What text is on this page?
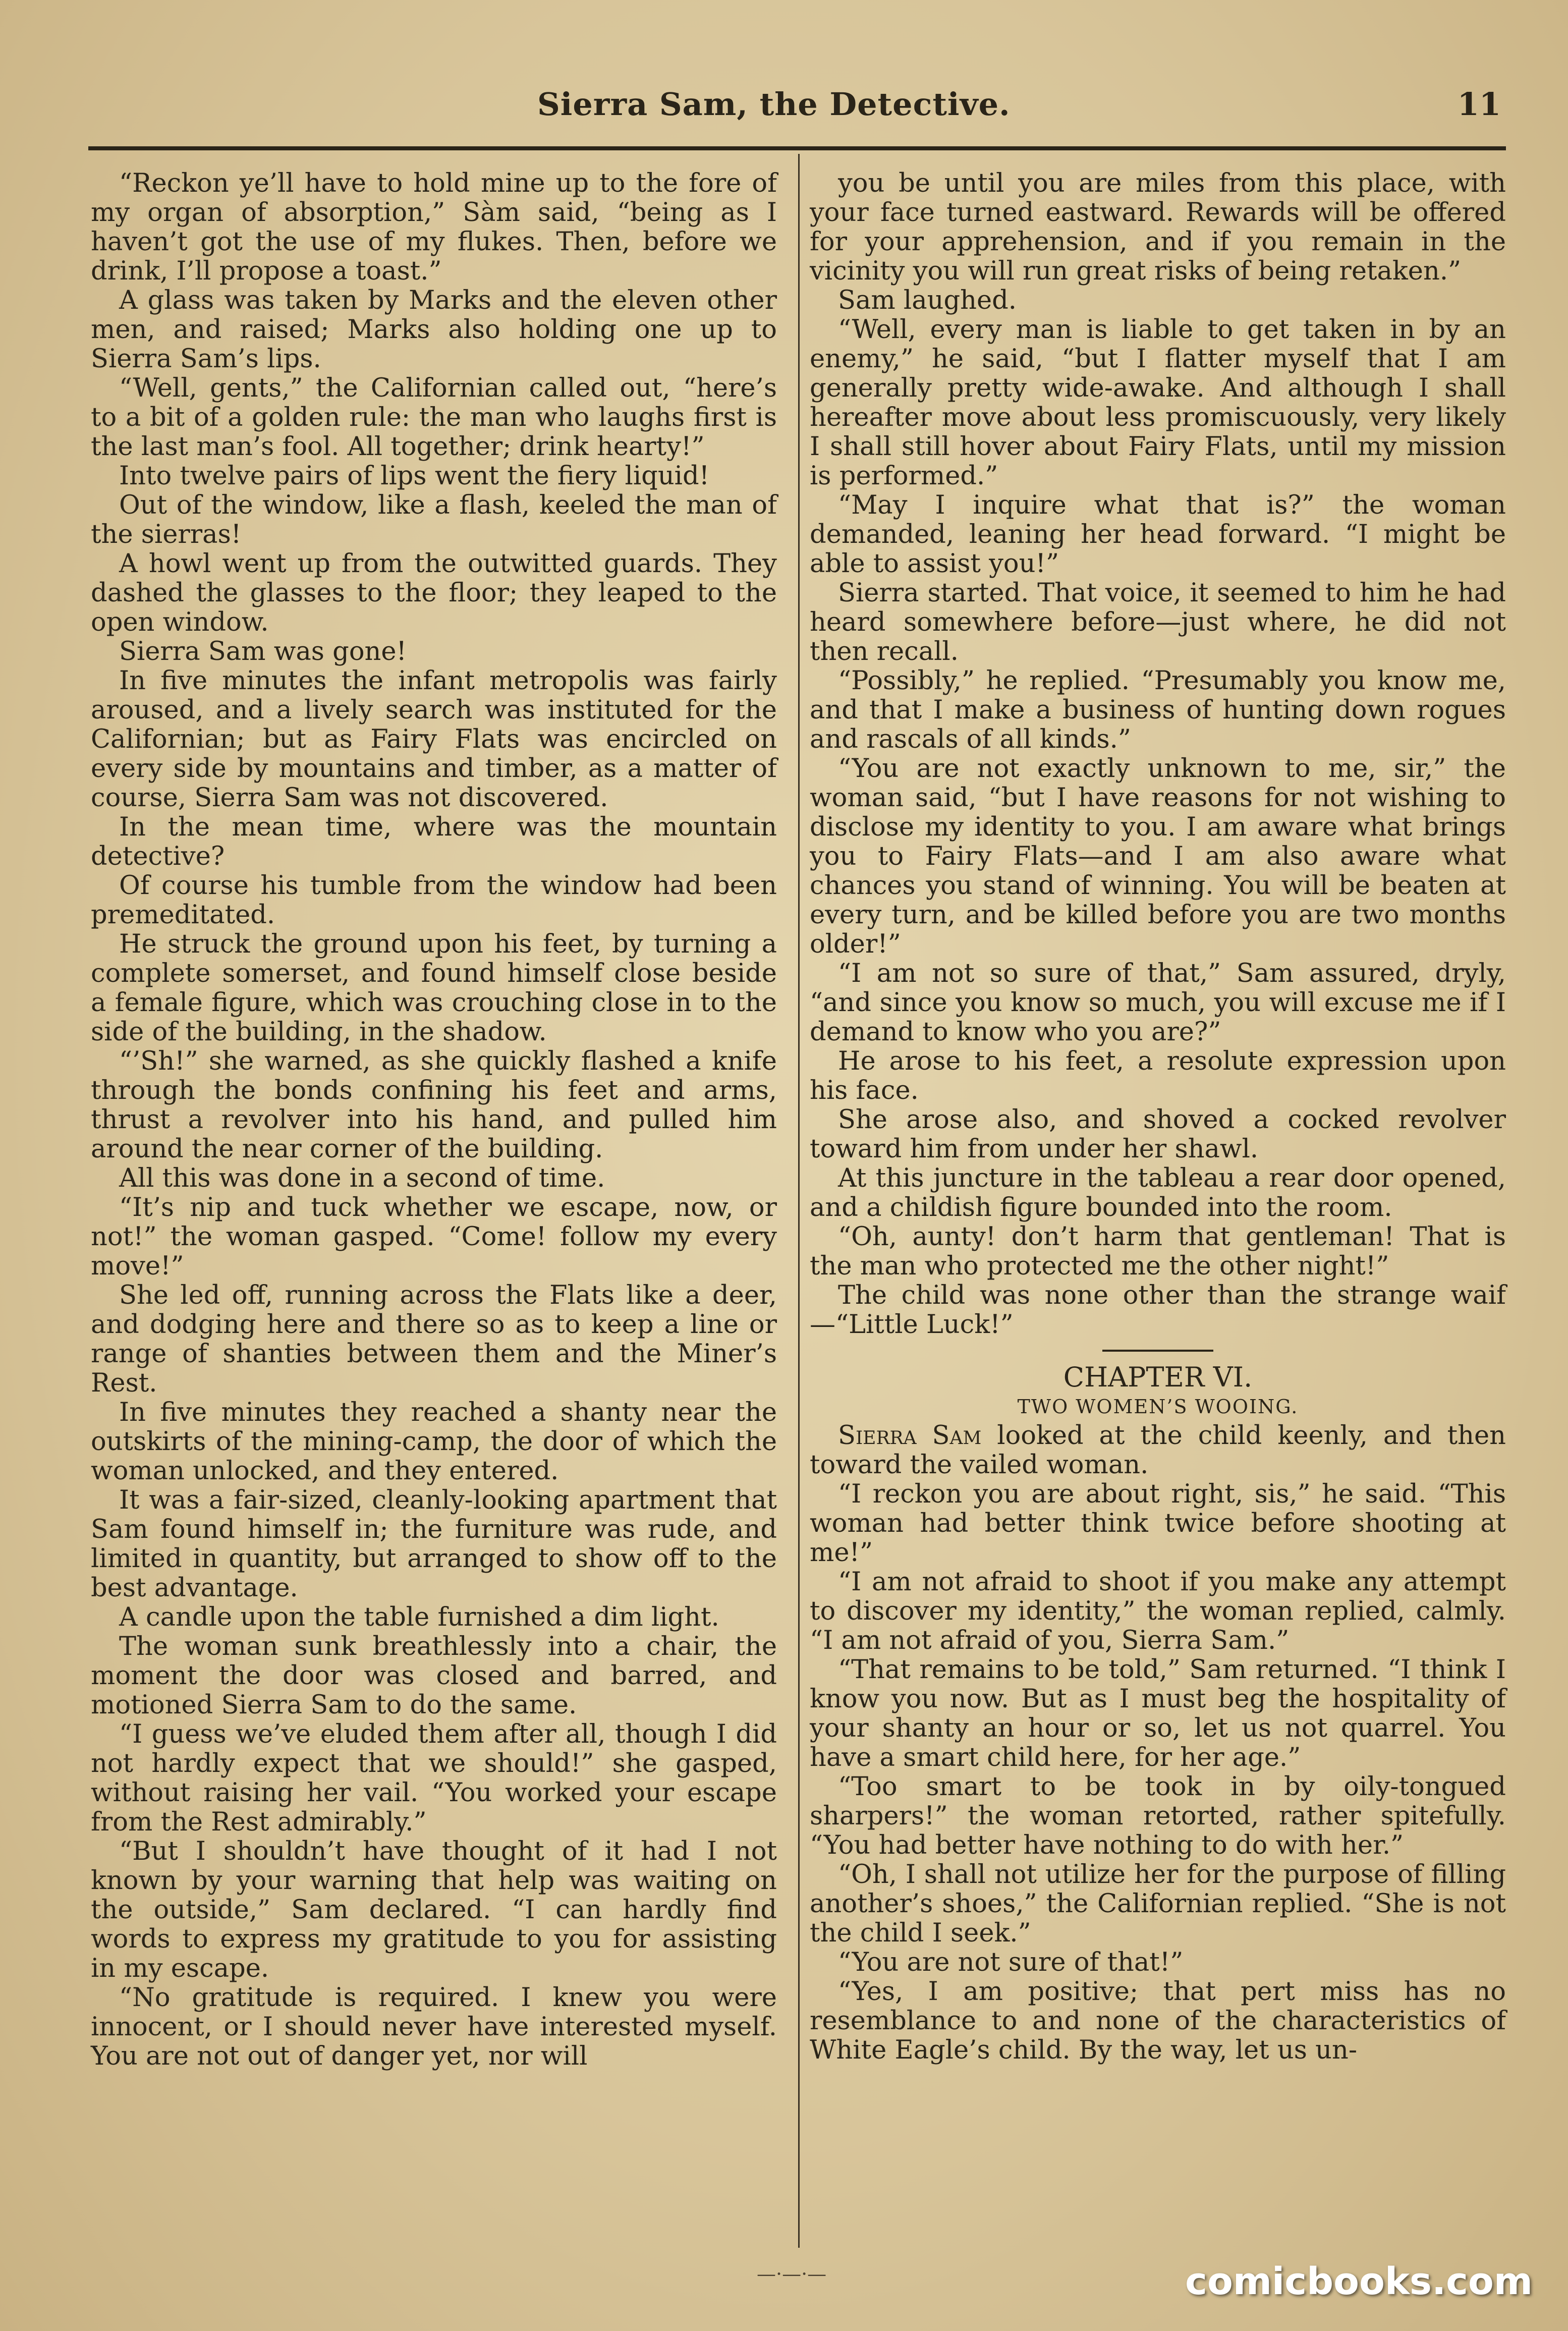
Sierra Sam, the Detective.	11

“Reckon ye’ll have to hold mine up to the fore of my organ of absorption,” Sàm said, “being as I haven’t got the use of my flukes. Then, before we drink, I’ll propose a toast.”

A glass was taken by Marks and the eleven other men, and raised; Marks also holding one up to Sierra Sam’s lips.

“Well, gents,” the Californian called out, “here’s to a bit of a golden rule: the man who laughs first is the last man’s fool. All together; drink hearty!”

Into twelve pairs of lips went the fiery liquid!

Out of the window, like a flash, keeled the man of the sierras!

A howl went up from the outwitted guards. They dashed the glasses to the floor; they leaped to the open window.

Sierra Sam was gone!

In five minutes the infant metropolis was fairly aroused, and a lively search was instituted for the Californian; but as Fairy Flats was encircled on every side by mountains and timber, as a matter of course, Sierra Sam was not discovered.

In the mean time, where was the mountain detective?

Of course his tumble from the window had been premeditated.

He struck the ground upon his feet, by turning a complete somerset, and found himself close beside a female figure, which was crouching close in to the side of the building, in the shadow.

“’Sh!” she warned, as she quickly flashed a knife through the bonds confining his feet and arms, thrust a revolver into his hand, and pulled him around the near corner of the building.

All this was done in a second of time.

“It’s nip and tuck whether we escape, now, or not!” the woman gasped. “Come! follow my every move!”

She led off, running across the Flats like a deer, and dodging here and there so as to keep a line or range of shanties between them and the Miner’s Rest.

In five minutes they reached a shanty near the outskirts of the mining-camp, the door of which the woman unlocked, and they entered.

It was a fair-sized, cleanly-looking apartment that Sam found himself in; the furniture was rude, and limited in quantity, but arranged to show off to the best advantage.

A candle upon the table furnished a dim light.

The woman sunk breathlessly into a chair, the moment the door was closed and barred, and motioned Sierra Sam to do the same.

“I guess we’ve eluded them after all, though I did not hardly expect that we should!” she gasped, without raising her vail. “You worked your escape from the Rest admirably.”

“But I shouldn’t have thought of it had I not known by your warning that help was waiting on the outside,” Sam declared. “I can hardly find words to express my gratitude to you for assisting in my escape.

“No gratitude is required. I knew you were innocent, or I should never have interested myself. You are not out of danger yet, nor will

you be until you are miles from this place, with your face turned eastward. Rewards will be offered for your apprehension, and if you remain in the vicinity you will run great risks of being retaken.”

Sam laughed.

“Well, every man is liable to get taken in by an enemy,” he said, “but I flatter myself that I am generally pretty wide-awake. And although I shall hereafter move about less promiscuously, very likely I shall still hover about Fairy Flats, until my mission is performed.”

“May I inquire what that is?” the woman demanded, leaning her head forward. “I might be able to assist you!”

Sierra started. That voice, it seemed to him he had heard somewhere before—just where, he did not then recall.

“Possibly,” he replied. “Presumably you know me, and that I make a business of hunting down rogues and rascals of all kinds.”

“You are not exactly unknown to me, sir,” the woman said, “but I have reasons for not wishing to disclose my identity to you. I am aware what brings you to Fairy Flats—and I am also aware what chances you stand of winning. You will be beaten at every turn, and be killed before you are two months older!”

“I am not so sure of that,” Sam assured, dryly, “and since you know so much, you will excuse me if I demand to know who you are?”

He arose to his feet, a resolute expression upon his face.

She arose also, and shoved a cocked revolver toward him from under her shawl.

At this juncture in the tableau a rear door opened, and a childish figure bounded into the room.

“Oh, aunty! don’t harm that gentleman! That is the man who protected me the other night!”

The child was none other than the strange waif—“Little Luck!”

CHAPTER VI.

TWO WOMEN’S WOOING.

Sierra Sam looked at the child keenly, and then toward the vailed woman.

“I reckon you are about right, sis,” he said. “This woman had better think twice before shooting at me!”

“I am not afraid to shoot if you make any attempt to discover my identity,” the woman replied, calmly. “I am not afraid of you, Sierra Sam.”

“That remains to be told,” Sam returned. “I think I know you now. But as I must beg the hospitality of your shanty an hour or so, let us not quarrel. You have a smart child here, for her age.”

“Too smart to be took in by oily-tongued sharpers!” the woman retorted, rather spitefully. “You had better have nothing to do with her.”

“Oh, I shall not utilize her for the purpose of filling another’s shoes,” the Californian replied. “She is not the child I seek.”

“You are not sure of that!”

“Yes, I am positive; that pert miss has no resemblance to and none of the characteristics of White Eagle’s child. By the way, let us un-

—·—·—	comicbooks.com
